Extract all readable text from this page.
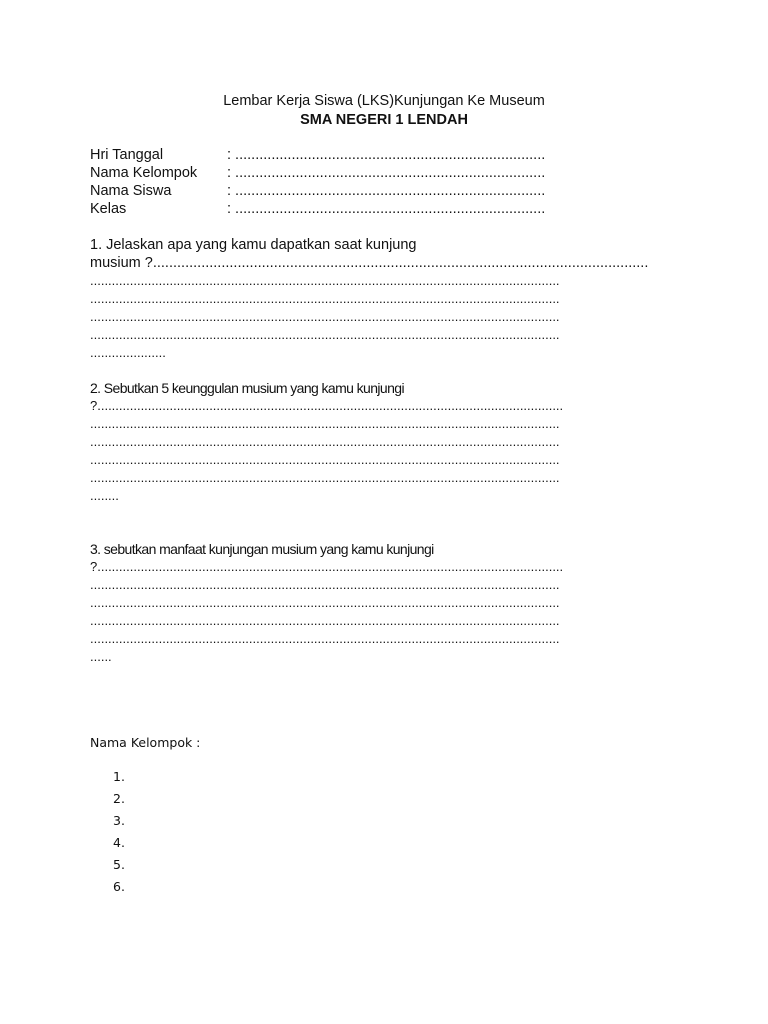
Lembar Kerja Siswa (LKS)Kunjungan Ke Museum
SMA NEGERI 1 LENDAH
Hri Tanggal	: .............................................................................
Nama Kelompok : .............................................................................
Nama Siswa	: .............................................................................
Kelas	: .............................................................................
1. Jelaskan apa yang kamu dapatkan saat kunjung
musium ?...........................................................................................................................
..................................................................................................................................
..................................................................................................................................
..................................................................................................................................
..................................................................................................................................
.....................
2. Sebutkan 5 keunggulan musium yang kamu kunjungi
?.................................................................................................................................
..................................................................................................................................
..................................................................................................................................
..................................................................................................................................
..................................................................................................................................
........
3. sebutkan manfaat kunjungan musium yang kamu kunjungi
?.................................................................................................................................
..................................................................................................................................
..................................................................................................................................
..................................................................................................................................
..................................................................................................................................
......
Nama Kelompok :
1.
2.
3.
4.
5.
6.
